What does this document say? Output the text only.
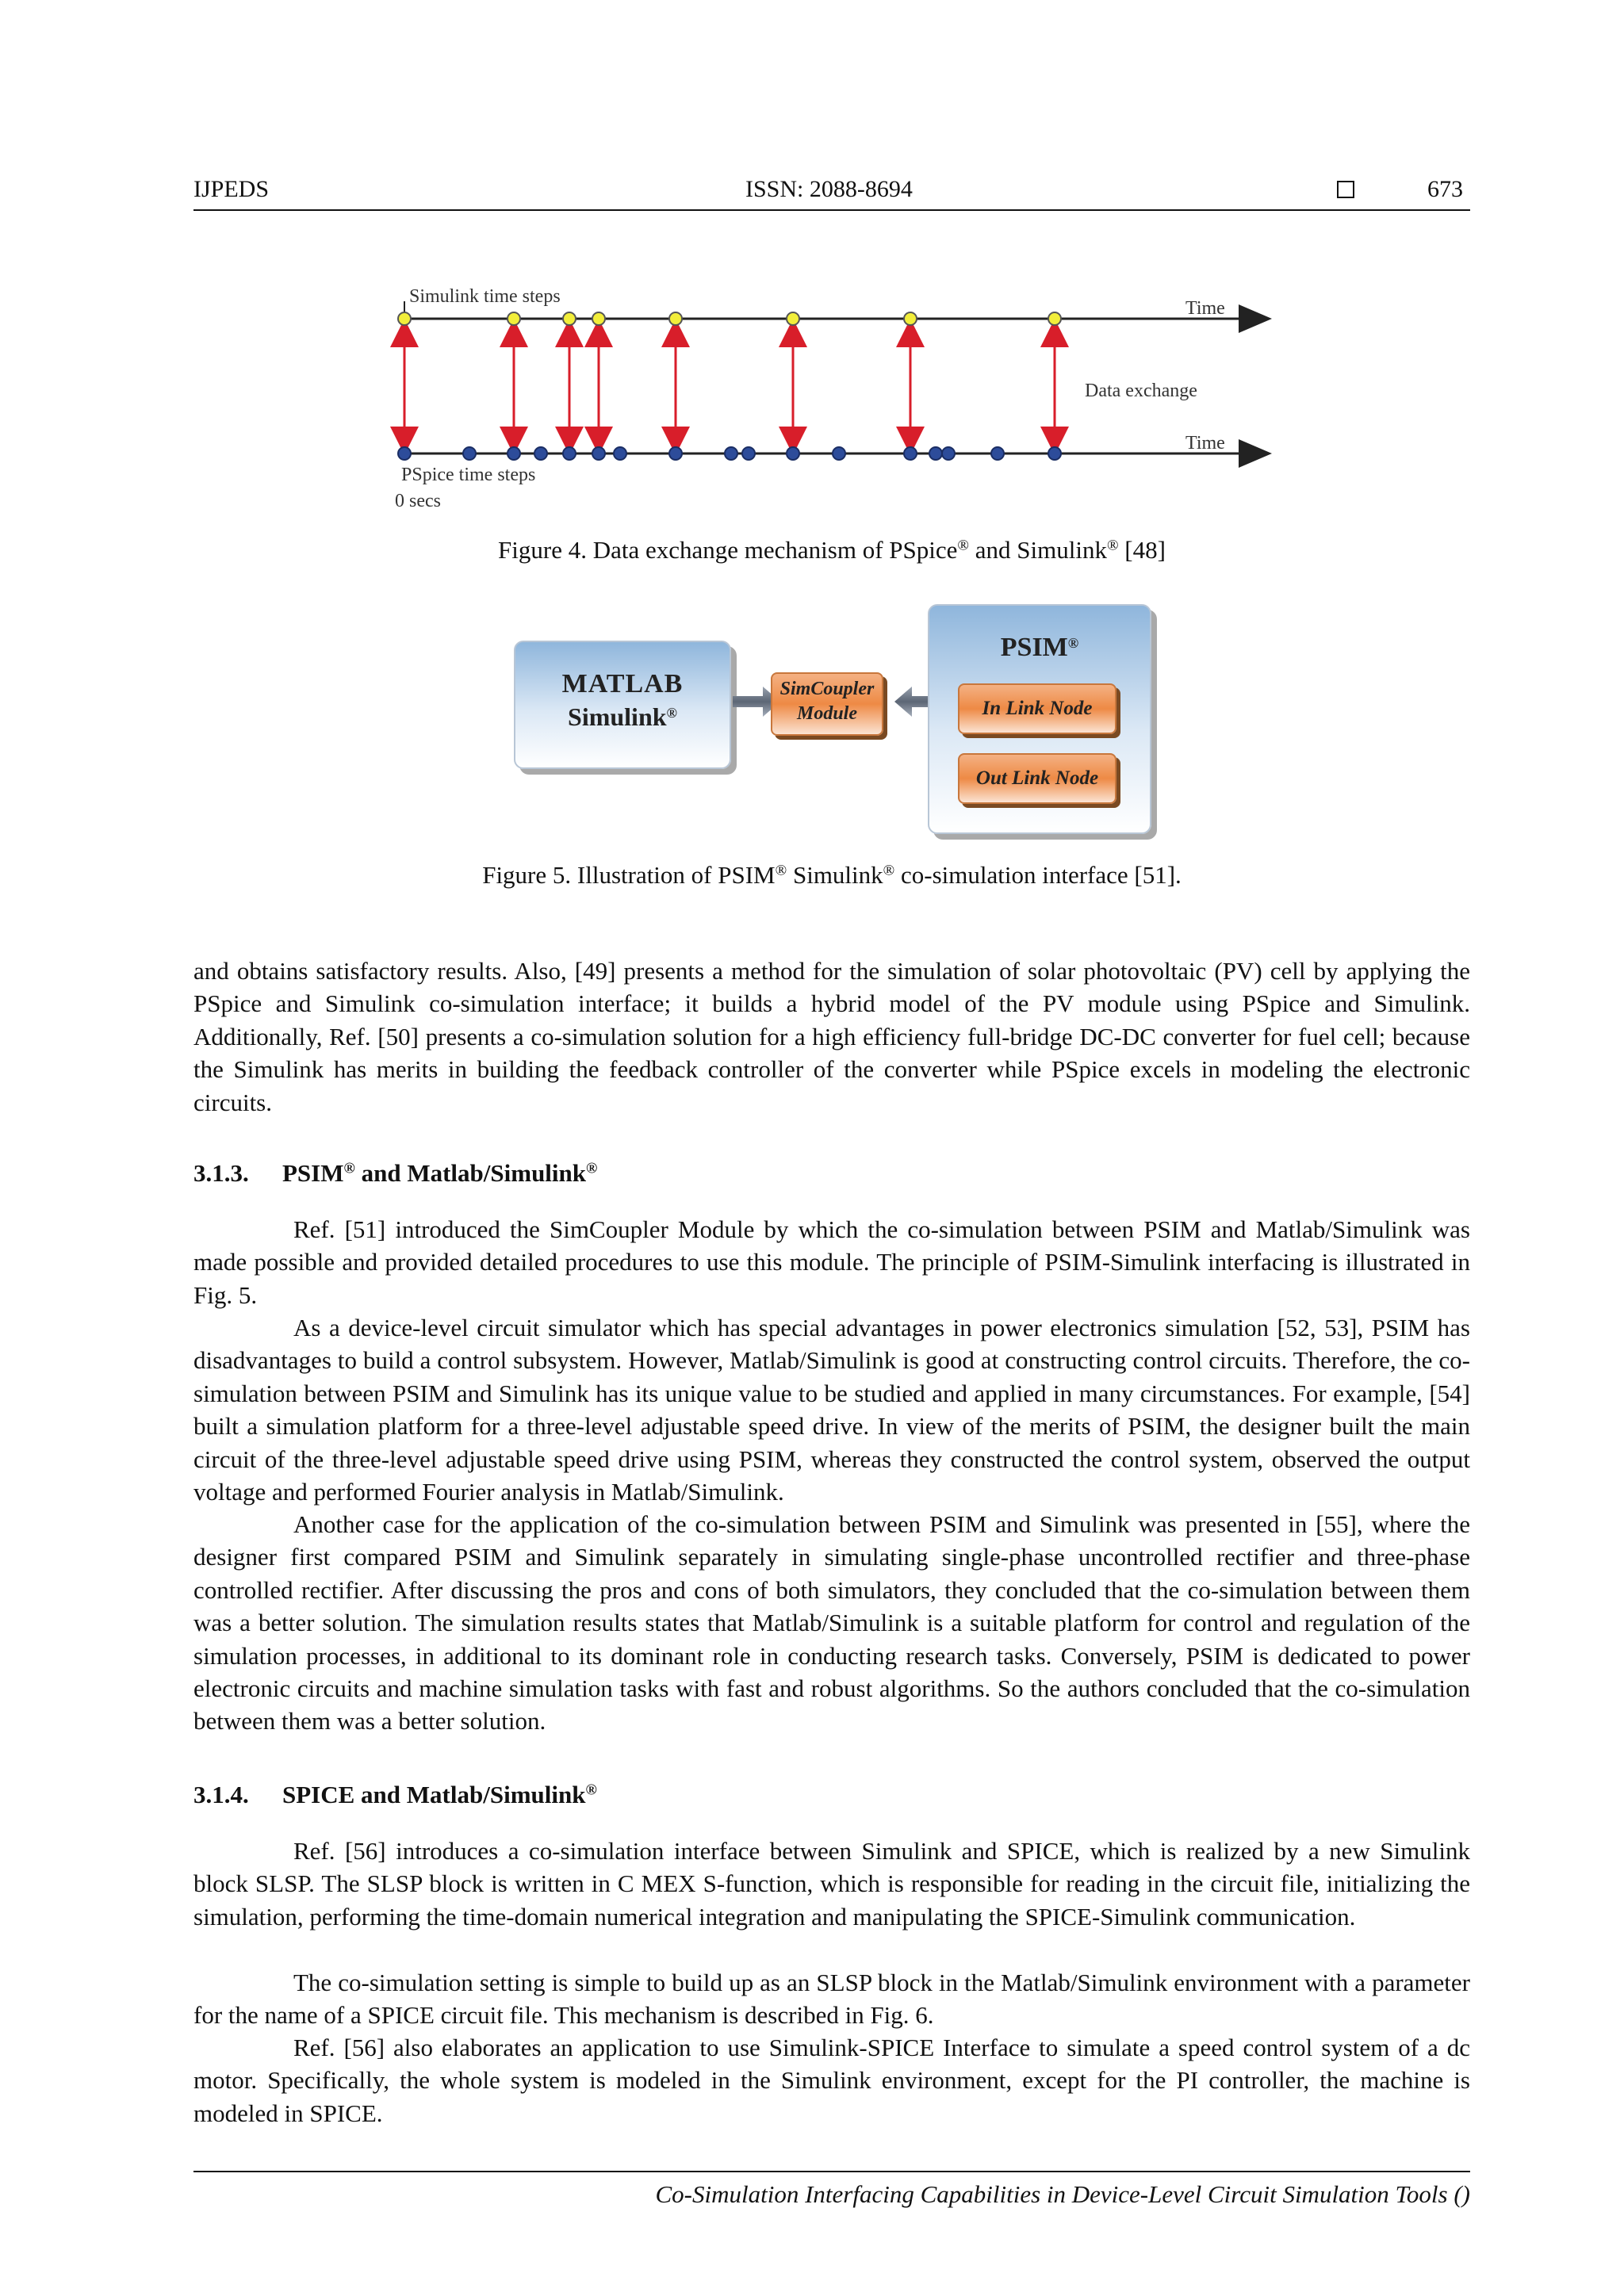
IJPEDS	ISSN: 2088-8694	673
Simulink time steps
Time
Data exchange
Time
PSpice time steps
0 secs
Figure 4. Data exchange mechanism of PSpice® and Simulink® [48]
MATLAB
Simulink®
SimCoupler
Module
PSIM®
In Link Node
Out Link Node
Figure 5. Illustration of PSIM® Simulink® co-simulation interface [51].

and obtains satisfactory results. Also, [49] presents a method for the simulation of solar photovoltaic (PV) cell by applying the PSpice and Simulink co-simulation interface; it builds a hybrid model of the PV module using PSpice and Simulink. Additionally, Ref. [50] presents a co-simulation solution for a high efficiency full-bridge DC-DC converter for fuel cell; because the Simulink has merits in building the feedback controller of the converter while PSpice excels in modeling the electronic circuits.

3.1.3. PSIM® and Matlab/Simulink®

Ref. [51] introduced the SimCoupler Module by which the co-simulation between PSIM and Matlab/Simulink was made possible and provided detailed procedures to use this module. The principle of PSIM-Simulink interfacing is illustrated in Fig. 5.

As a device-level circuit simulator which has special advantages in power electronics simulation [52, 53], PSIM has disadvantages to build a control subsystem. However, Matlab/Simulink is good at constructing control circuits. Therefore, the co-simulation between PSIM and Simulink has its unique value to be studied and applied in many circumstances. For example, [54] built a simulation platform for a three-level adjustable speed drive. In view of the merits of PSIM, the designer built the main circuit of the three-level adjustable speed drive using PSIM, whereas they constructed the control system, observed the output voltage and performed Fourier analysis in Matlab/Simulink.

Another case for the application of the co-simulation between PSIM and Simulink was presented in [55], where the designer first compared PSIM and Simulink separately in simulating single-phase uncontrolled rectifier and three-phase controlled rectifier. After discussing the pros and cons of both simulators, they concluded that the co-simulation between them was a better solution. The simulation results states that Matlab/Simulink is a suitable platform for control and regulation of the simulation processes, in additional to its dominant role in conducting research tasks. Conversely, PSIM is dedicated to power electronic circuits and machine simulation tasks with fast and robust algorithms. So the authors concluded that the co-simulation between them was a better solution.

3.1.4. SPICE and Matlab/Simulink®

Ref. [56] introduces a co-simulation interface between Simulink and SPICE, which is realized by a new Simulink block SLSP. The SLSP block is written in C MEX S-function, which is responsible for reading in the circuit file, initializing the simulation, performing the time-domain numerical integration and manipulating the SPICE-Simulink communication.

The co-simulation setting is simple to build up as an SLSP block in the Matlab/Simulink environment with a parameter for the name of a SPICE circuit file. This mechanism is described in Fig. 6.

Ref. [56] also elaborates an application to use Simulink-SPICE Interface to simulate a speed control system of a dc motor. Specifically, the whole system is modeled in the Simulink environment, except for the PI controller, the machine is modeled in SPICE.

Co-Simulation Interfacing Capabilities in Device-Level Circuit Simulation Tools ()
